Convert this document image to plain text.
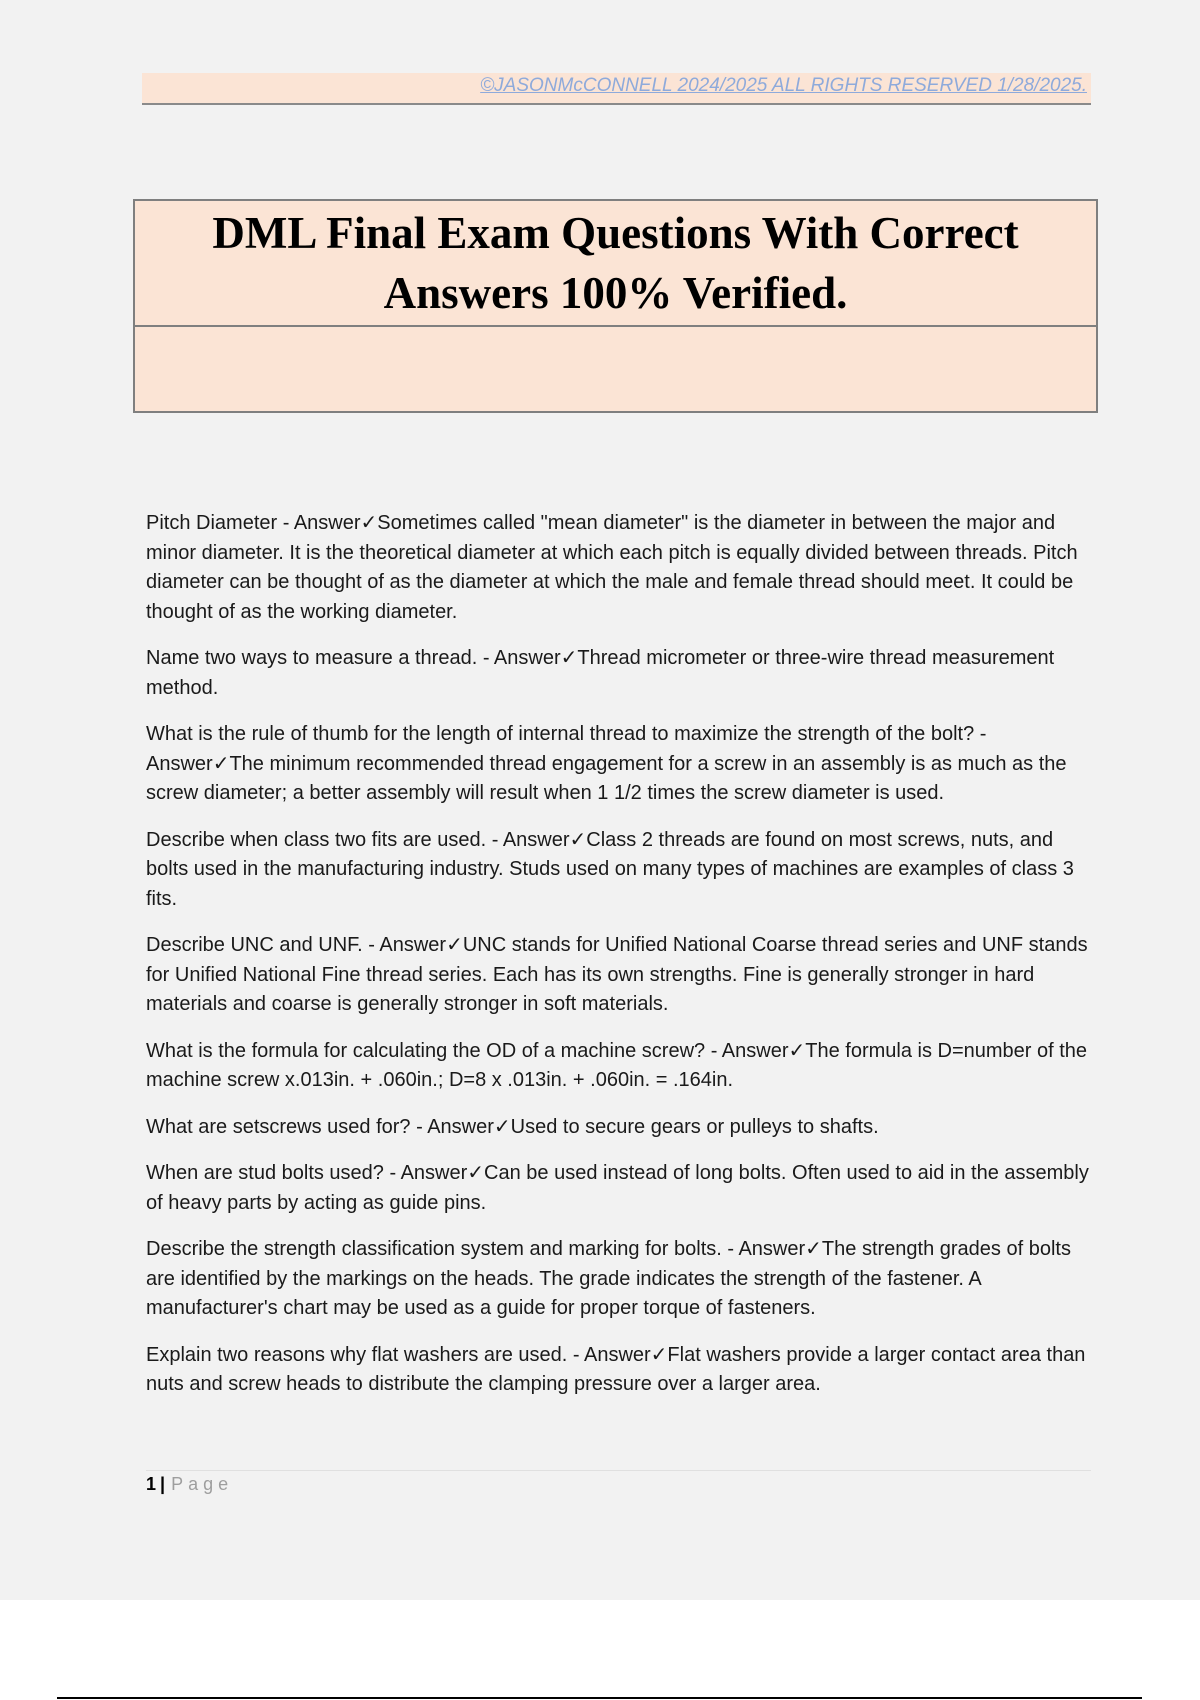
©JASONMcCONNELL 2024/2025 ALL RIGHTS RESERVED 1/28/2025.

DML Final Exam Questions With Correct
Answers 100% Verified.

Pitch Diameter - Answer✓Sometimes called "mean diameter" is the diameter in between the major and minor diameter. It is the theoretical diameter at which each pitch is equally divided between threads. Pitch diameter can be thought of as the diameter at which the male and female thread should meet. It could be thought of as the working diameter.

Name two ways to measure a thread. - Answer✓Thread micrometer or three-wire thread measurement method.

What is the rule of thumb for the length of internal thread to maximize the strength of the bolt? - Answer✓The minimum recommended thread engagement for a screw in an assembly is as much as the screw diameter; a better assembly will result when 1 1/2 times the screw diameter is used.

Describe when class two fits are used. - Answer✓Class 2 threads are found on most screws, nuts, and bolts used in the manufacturing industry. Studs used on many types of machines are examples of class 3 fits.

Describe UNC and UNF. - Answer✓UNC stands for Unified National Coarse thread series and UNF stands for Unified National Fine thread series. Each has its own strengths. Fine is generally stronger in hard materials and coarse is generally stronger in soft materials.

What is the formula for calculating the OD of a machine screw? - Answer✓The formula is D=number of the machine screw x.013in. + .060in.; D=8 x .013in. + .060in. = .164in.

What are setscrews used for? - Answer✓Used to secure gears or pulleys to shafts.

When are stud bolts used? - Answer✓Can be used instead of long bolts. Often used to aid in the assembly of heavy parts by acting as guide pins.

Describe the strength classification system and marking for bolts. - Answer✓The strength grades of bolts are identified by the markings on the heads. The grade indicates the strength of the fastener. A manufacturer's chart may be used as a guide for proper torque of fasteners.

Explain two reasons why flat washers are used. - Answer✓Flat washers provide a larger contact area than nuts and screw heads to distribute the clamping pressure over a larger area.

1 | Page
